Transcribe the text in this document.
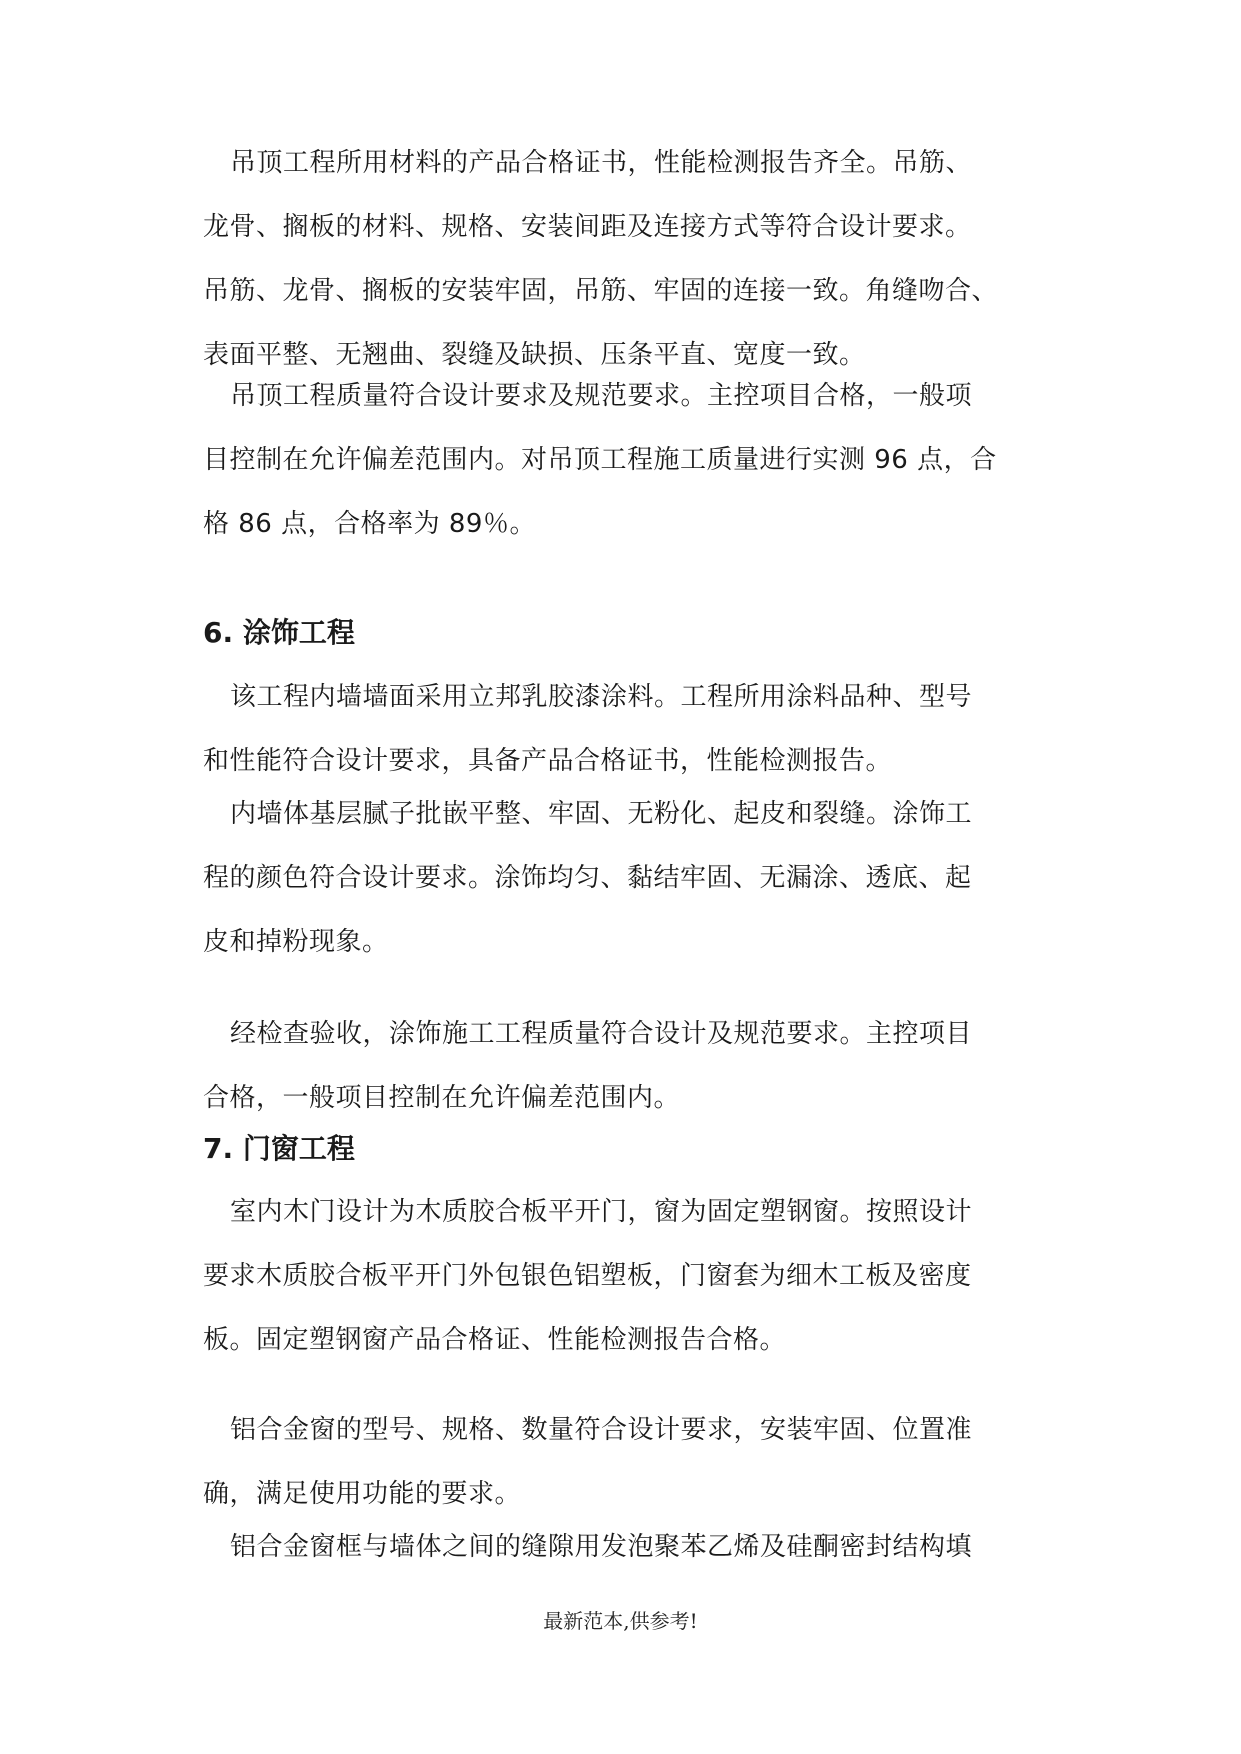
吊顶工程所用材料的产品合格证书，性能检测报告齐全。吊筋、
龙骨、搁板的材料、规格、安装间距及连接方式等符合设计要求。
吊筋、龙骨、搁板的安装牢固，吊筋、牢固的连接一致。角缝吻合、
表面平整、无翘曲、裂缝及缺损、压条平直、宽度一致。
吊顶工程质量符合设计要求及规范要求。主控项目合格，一般项
目控制在允许偏差范围内。对吊顶工程施工质量进行实测 96 点，合
格 86 点，合格率为 89％。
6. 涂饰工程
该工程内墙墙面采用立邦乳胶漆涂料。工程所用涂料品种、型号
和性能符合设计要求，具备产品合格证书，性能检测报告。
内墙体基层腻子批嵌平整、牢固、无粉化、起皮和裂缝。涂饰工
程的颜色符合设计要求。涂饰均匀、黏结牢固、无漏涂、透底、起
皮和掉粉现象。
经检查验收，涂饰施工工程质量符合设计及规范要求。主控项目
合格，一般项目控制在允许偏差范围内。
7. 门窗工程
室内木门设计为木质胶合板平开门，窗为固定塑钢窗。按照设计
要求木质胶合板平开门外包银色铝塑板，门窗套为细木工板及密度
板。固定塑钢窗产品合格证、性能检测报告合格。
铝合金窗的型号、规格、数量符合设计要求，安装牢固、位置准
确，满足使用功能的要求。
铝合金窗框与墙体之间的缝隙用发泡聚苯乙烯及硅酮密封结构填
最新范本,供参考!
